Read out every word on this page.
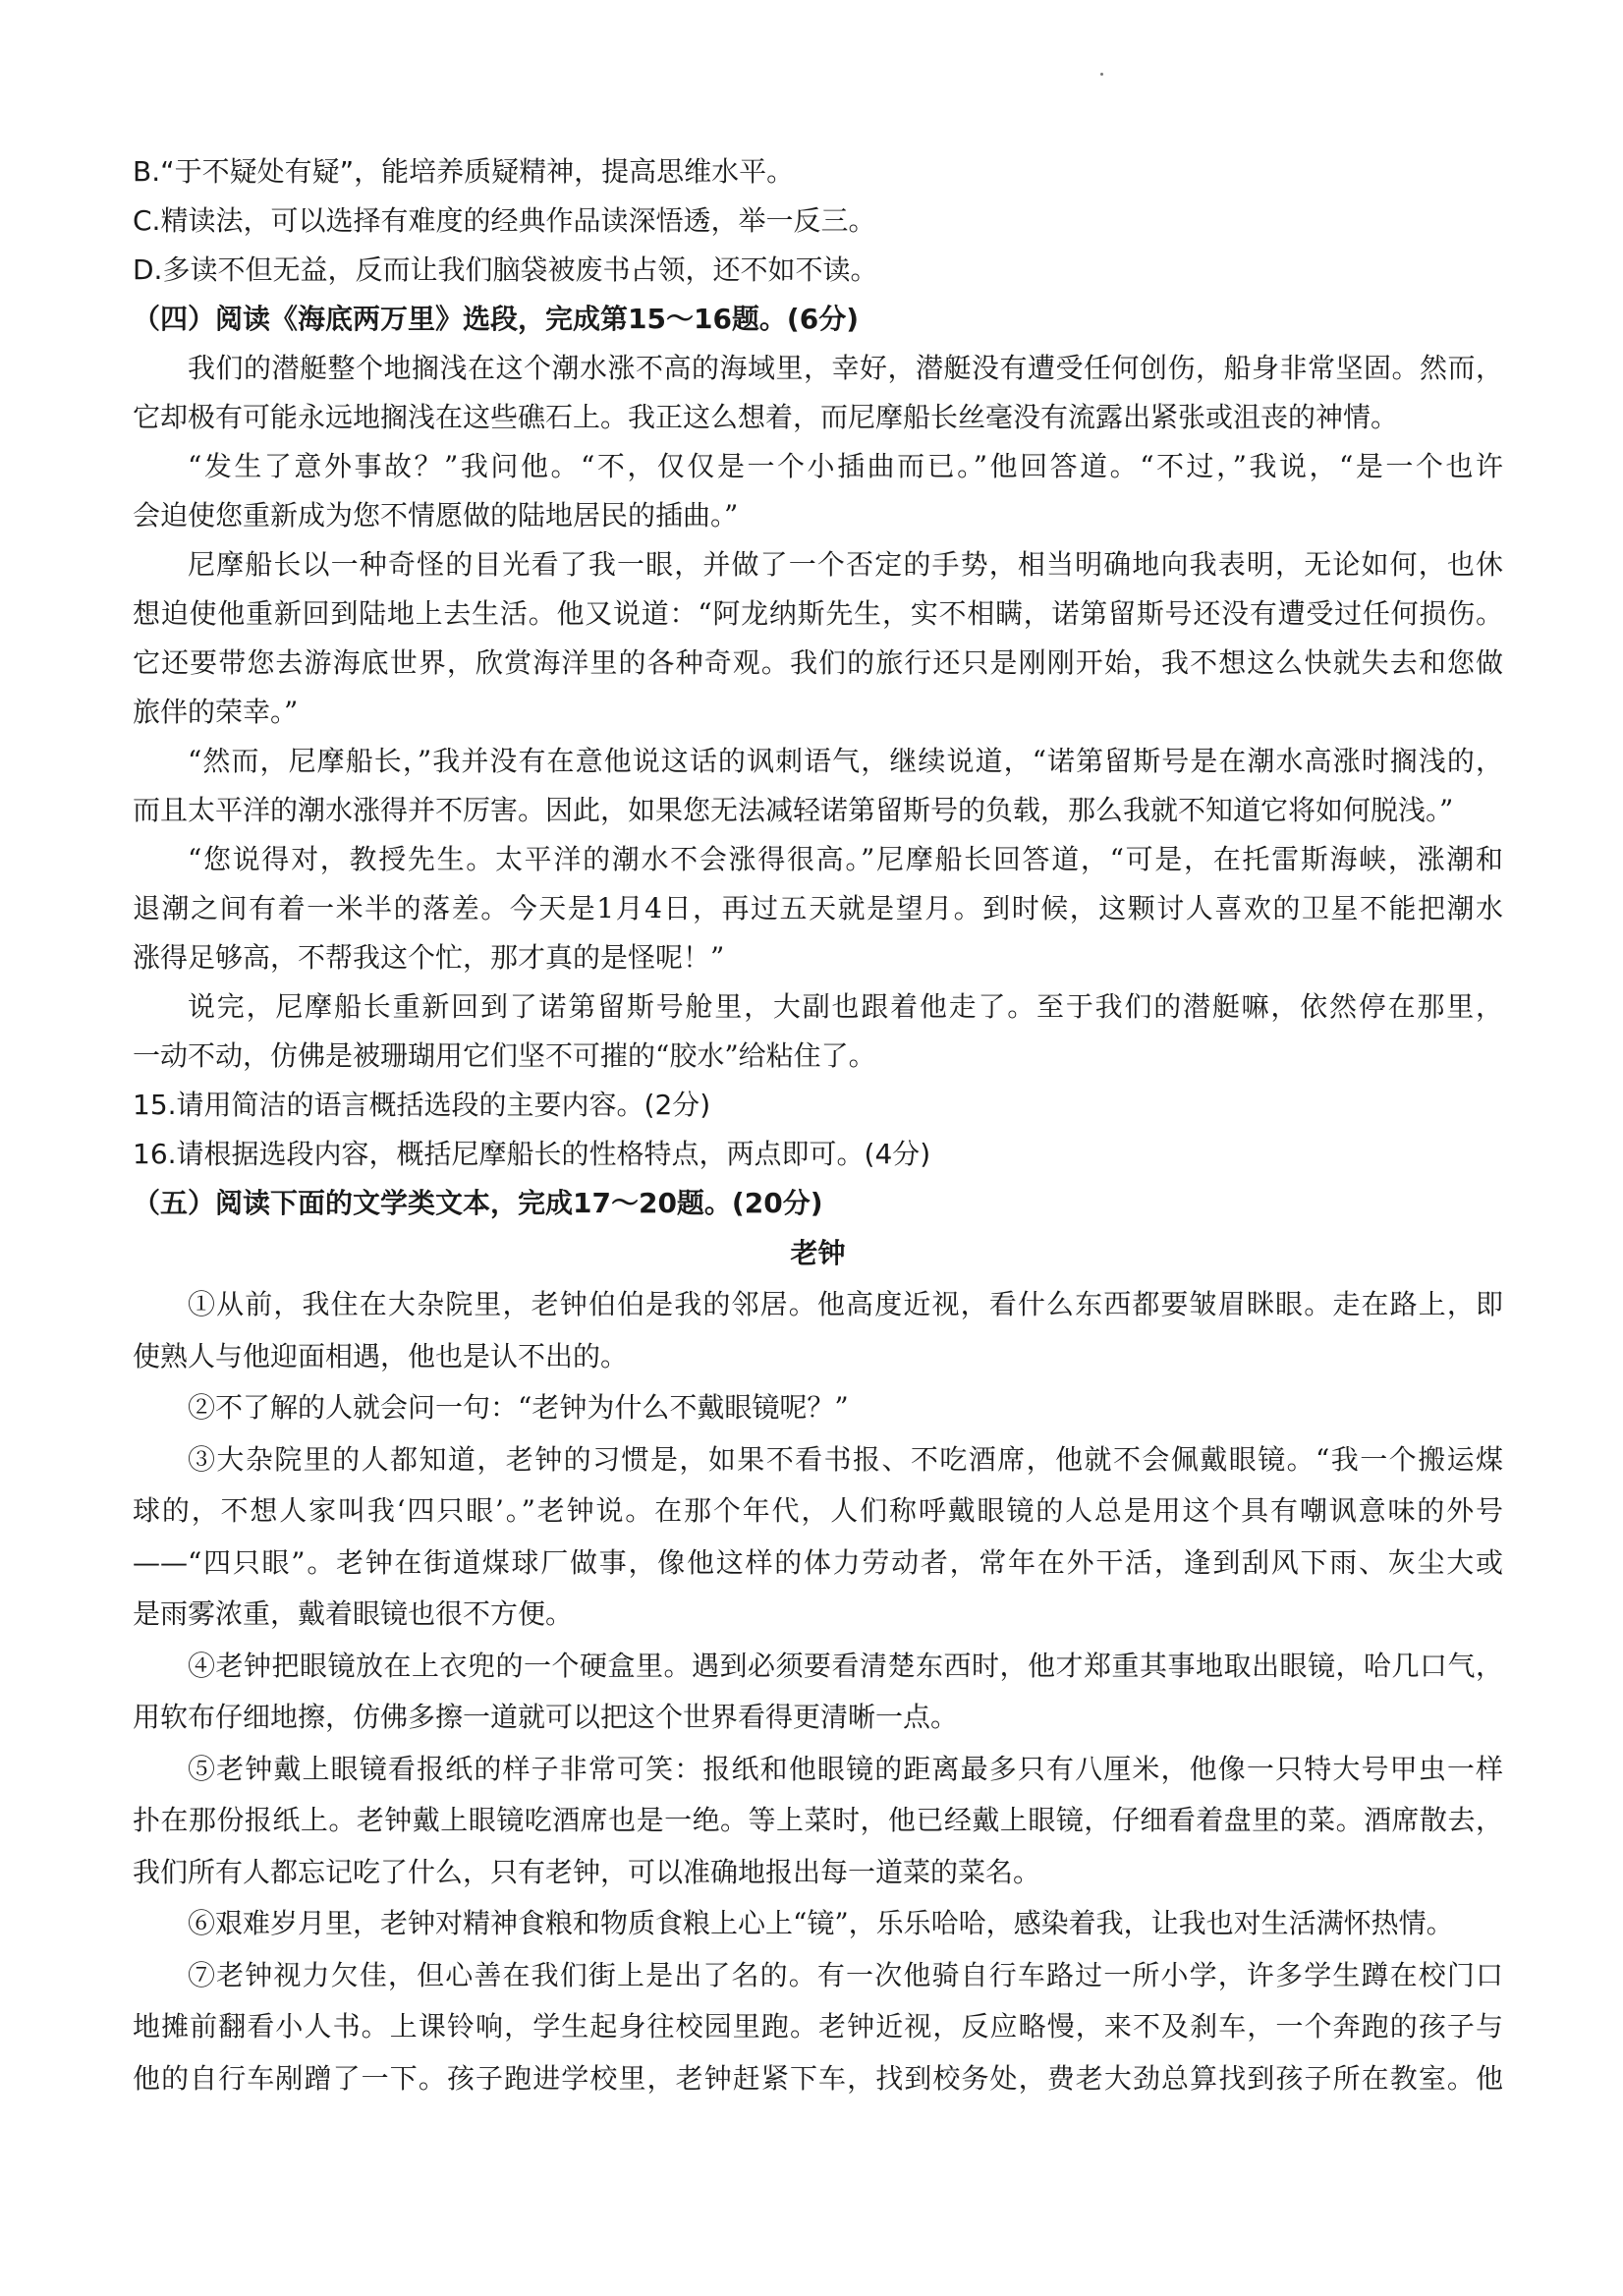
B.“于不疑处有疑”，能培养质疑精神，提高思维水平。
C.精读法，可以选择有难度的经典作品读深悟透，举一反三。
D.多读不但无益，反而让我们脑袋被废书占领，还不如不读。
（四）阅读《海底两万里》选段，完成第15～16题。(6分)
我们的潜艇整个地搁浅在这个潮水涨不高的海域里，幸好，潜艇没有遭受任何创伤，船身非常坚固。然而，
它却极有可能永远地搁浅在这些礁石上。我正这么想着，而尼摩船长丝毫没有流露出紧张或沮丧的神情。
“发生了意外事故？”我问他。“不，仅仅是一个小插曲而已。”他回答道。“不过，”我说，“是一个也许
会迫使您重新成为您不情愿做的陆地居民的插曲。”
尼摩船长以一种奇怪的目光看了我一眼，并做了一个否定的手势，相当明确地向我表明，无论如何，也休
想迫使他重新回到陆地上去生活。他又说道：“阿龙纳斯先生，实不相瞒，诺第留斯号还没有遭受过任何损伤。
它还要带您去游海底世界，欣赏海洋里的各种奇观。我们的旅行还只是刚刚开始，我不想这么快就失去和您做
旅伴的荣幸。”
“然而，尼摩船长，”我并没有在意他说这话的讽刺语气，继续说道，“诺第留斯号是在潮水高涨时搁浅的，
而且太平洋的潮水涨得并不厉害。因此，如果您无法减轻诺第留斯号的负载，那么我就不知道它将如何脱浅。”
“您说得对，教授先生。太平洋的潮水不会涨得很高。”尼摩船长回答道，“可是，在托雷斯海峡，涨潮和
退潮之间有着一米半的落差。今天是1月4日，再过五天就是望月。到时候，这颗讨人喜欢的卫星不能把潮水
涨得足够高，不帮我这个忙，那才真的是怪呢！”
说完，尼摩船长重新回到了诺第留斯号舱里，大副也跟着他走了。至于我们的潜艇嘛，依然停在那里，
一动不动，仿佛是被珊瑚用它们坚不可摧的“胶水”给粘住了。
15.请用简洁的语言概括选段的主要内容。(2分)
16.请根据选段内容，概括尼摩船长的性格特点，两点即可。(4分)
（五）阅读下面的文学类文本，完成17～20题。(20分)
老钟
①从前，我住在大杂院里，老钟伯伯是我的邻居。他高度近视，看什么东西都要皱眉眯眼。走在路上，即
使熟人与他迎面相遇，他也是认不出的。
②不了解的人就会问一句：“老钟为什么不戴眼镜呢？”
③大杂院里的人都知道，老钟的习惯是，如果不看书报、不吃酒席，他就不会佩戴眼镜。“我一个搬运煤
球的，不想人家叫我‘四只眼’。”老钟说。在那个年代，人们称呼戴眼镜的人总是用这个具有嘲讽意味的外号
——“四只眼”。老钟在街道煤球厂做事，像他这样的体力劳动者，常年在外干活，逢到刮风下雨、灰尘大或
是雨雾浓重，戴着眼镜也很不方便。
④老钟把眼镜放在上衣兜的一个硬盒里。遇到必须要看清楚东西时，他才郑重其事地取出眼镜，哈几口气，
用软布仔细地擦，仿佛多擦一道就可以把这个世界看得更清晰一点。
⑤老钟戴上眼镜看报纸的样子非常可笑：报纸和他眼镜的距离最多只有八厘米，他像一只特大号甲虫一样
扑在那份报纸上。老钟戴上眼镜吃酒席也是一绝。等上菜时，他已经戴上眼镜，仔细看着盘里的菜。酒席散去，
我们所有人都忘记吃了什么，只有老钟，可以准确地报出每一道菜的菜名。
⑥艰难岁月里，老钟对精神食粮和物质食粮上心上“镜”，乐乐哈哈，感染着我，让我也对生活满怀热情。
⑦老钟视力欠佳，但心善在我们街上是出了名的。有一次他骑自行车路过一所小学，许多学生蹲在校门口
地摊前翻看小人书。上课铃响，学生起身往校园里跑。老钟近视，反应略慢，来不及刹车，一个奔跑的孩子与
他的自行车剐蹭了一下。孩子跑进学校里，老钟赶紧下车，找到校务处，费老大劲总算找到孩子所在教室。他
